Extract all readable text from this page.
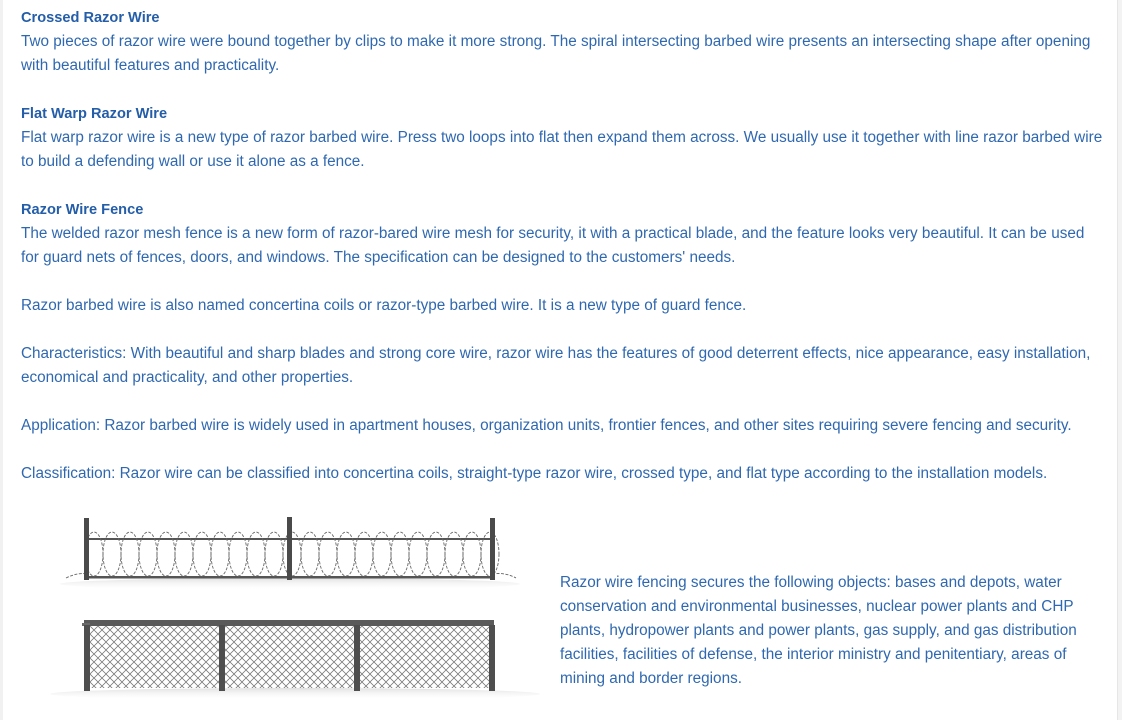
Crossed Razor Wire

Two pieces of razor wire were bound together by clips to make it more strong. The spiral intersecting barbed wire presents an intersecting shape after opening with beautiful features and practicality.

Flat Warp Razor Wire

Flat warp razor wire is a new type of razor barbed wire. Press two loops into flat then expand them across. We usually use it together with line razor barbed wire to build a defending wall or use it alone as a fence.

Razor Wire Fence

The welded razor mesh fence is a new form of razor-bared wire mesh for security, it with a practical blade, and the feature looks very beautiful. It can be used for guard nets of fences, doors, and windows. The specification can be designed to the customers' needs.

Razor barbed wire is also named concertina coils or razor-type barbed wire. It is a new type of guard fence.

Characteristics: With beautiful and sharp blades and strong core wire, razor wire has the features of good deterrent effects, nice appearance, easy installation, economical and practicality, and other properties.

Application: Razor barbed wire is widely used in apartment houses, organization units, frontier fences, and other sites requiring severe fencing and security.

Classification: Razor wire can be classified into concertina coils, straight-type razor wire, crossed type, and flat type according to the installation models.

Razor wire fencing secures the following objects: bases and depots, water conservation and environmental businesses, nuclear power plants and CHP plants, hydropower plants and power plants, gas supply, and gas distribution facilities, facilities of defense, the interior ministry and penitentiary, areas of mining and border regions.
